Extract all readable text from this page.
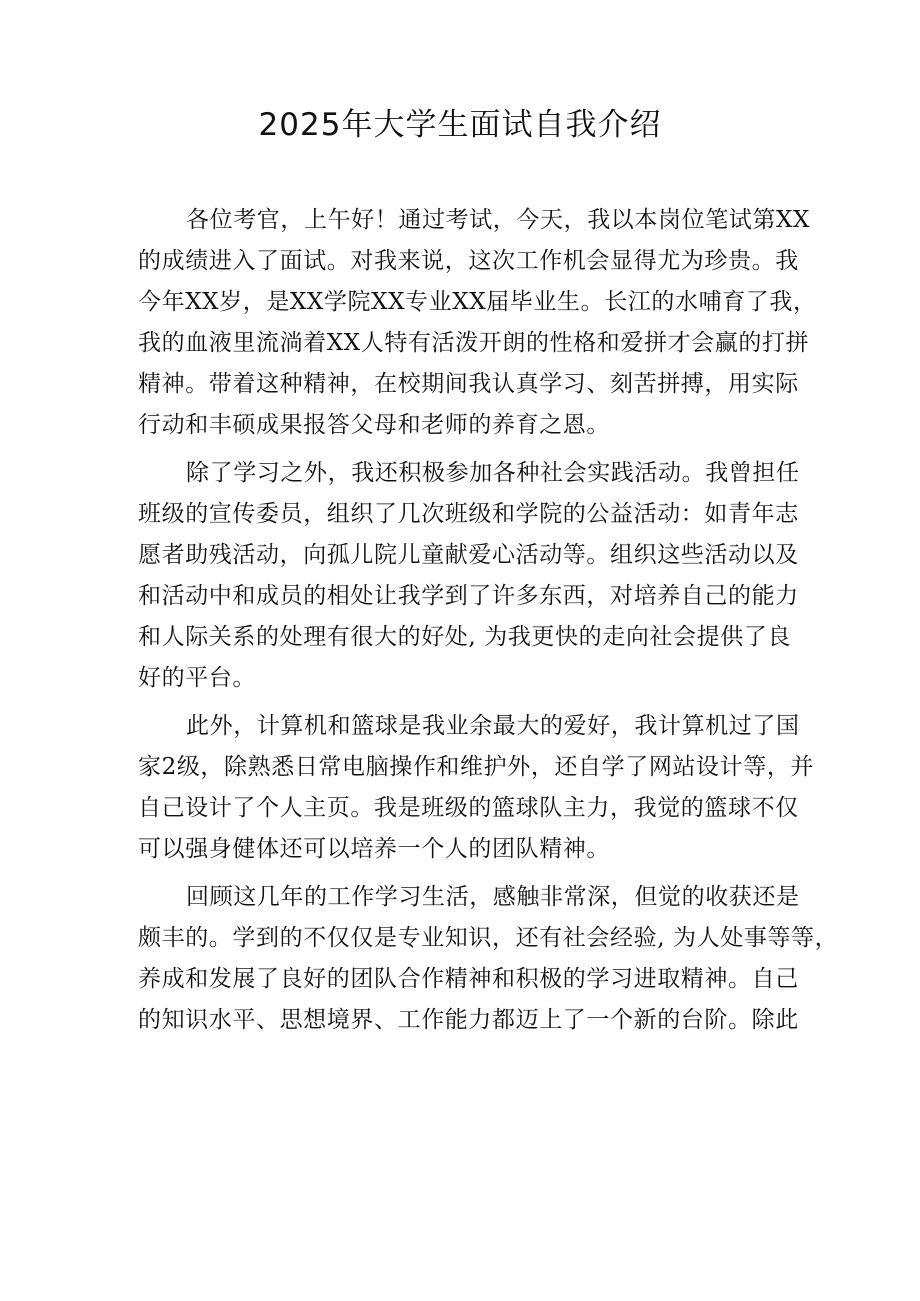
2025年大学生面试自我介绍

各位考官，上午好！通过考试，今天，我以本岗位笔试第XX
的成绩进入了面试。对我来说，这次工作机会显得尤为珍贵。我
今年XX岁，是XX学院XX专业XX届毕业生。长江的水哺育了我，
我的血液里流淌着XX人特有活泼开朗的性格和爱拼才会赢的打拼
精神。带着这种精神，在校期间我认真学习、刻苦拼搏，用实际
行动和丰硕成果报答父母和老师的养育之恩。

除了学习之外，我还积极参加各种社会实践活动。我曾担任
班级的宣传委员，组织了几次班级和学院的公益活动：如青年志
愿者助残活动，向孤儿院儿童献爱心活动等。组织这些活动以及
和活动中和成员的相处让我学到了许多东西，对培养自己的能力
和人际关系的处理有很大的好处, 为我更快的走向社会提供了良
好的平台。

此外，计算机和篮球是我业余最大的爱好，我计算机过了国
家2级，除熟悉日常电脑操作和维护外，还自学了网站设计等，并
自己设计了个人主页。我是班级的篮球队主力，我觉的篮球不仅
可以强身健体还可以培养一个人的团队精神。

回顾这几年的工作学习生活，感触非常深，但觉的收获还是
颇丰的。学到的不仅仅是专业知识，还有社会经验, 为人处事等等，
养成和发展了良好的团队合作精神和积极的学习进取精神。自己
的知识水平、思想境界、工作能力都迈上了一个新的台阶。除此
